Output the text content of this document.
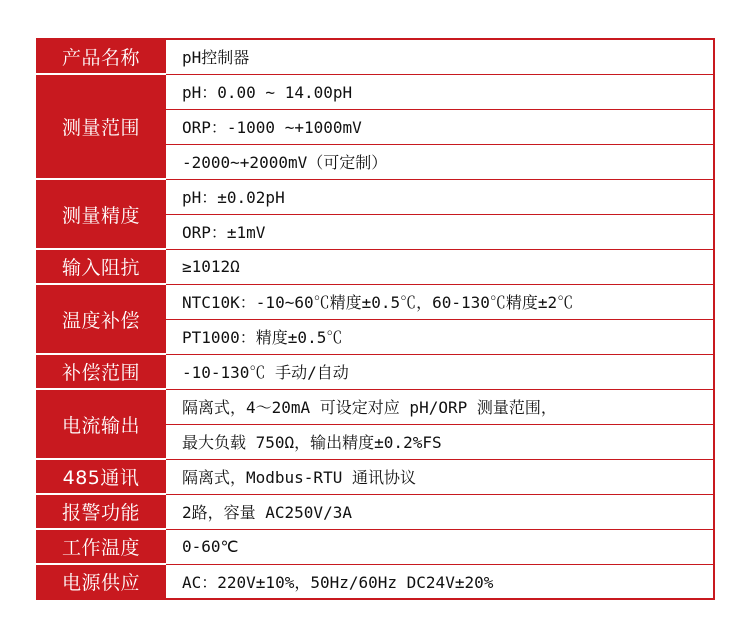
产品名称	pH控制器
测量范围	pH：0.00 ~ 14.00pH
	ORP：-1000 ~+1000mV
	-2000~+2000mV（可定制）
测量精度	pH：±0.02pH
	ORP：±1mV
输入阻抗	≥1012Ω
温度补偿	NTC10K：-10~60℃精度±0.5℃，60-130℃精度±2℃
	PT1000：精度±0.5℃
补偿范围	-10-130℃ 手动/自动
电流输出	隔离式，4～20mA 可设定对应 pH/ORP 测量范围，
	最大负载 750Ω，输出精度±0.2%FS
485通讯	隔离式，Modbus-RTU 通讯协议
报警功能	2路，容量 AC250V/3A
工作温度	0-60℃
电源供应	AC：220V±10%，50Hz/60Hz DC24V±20%
